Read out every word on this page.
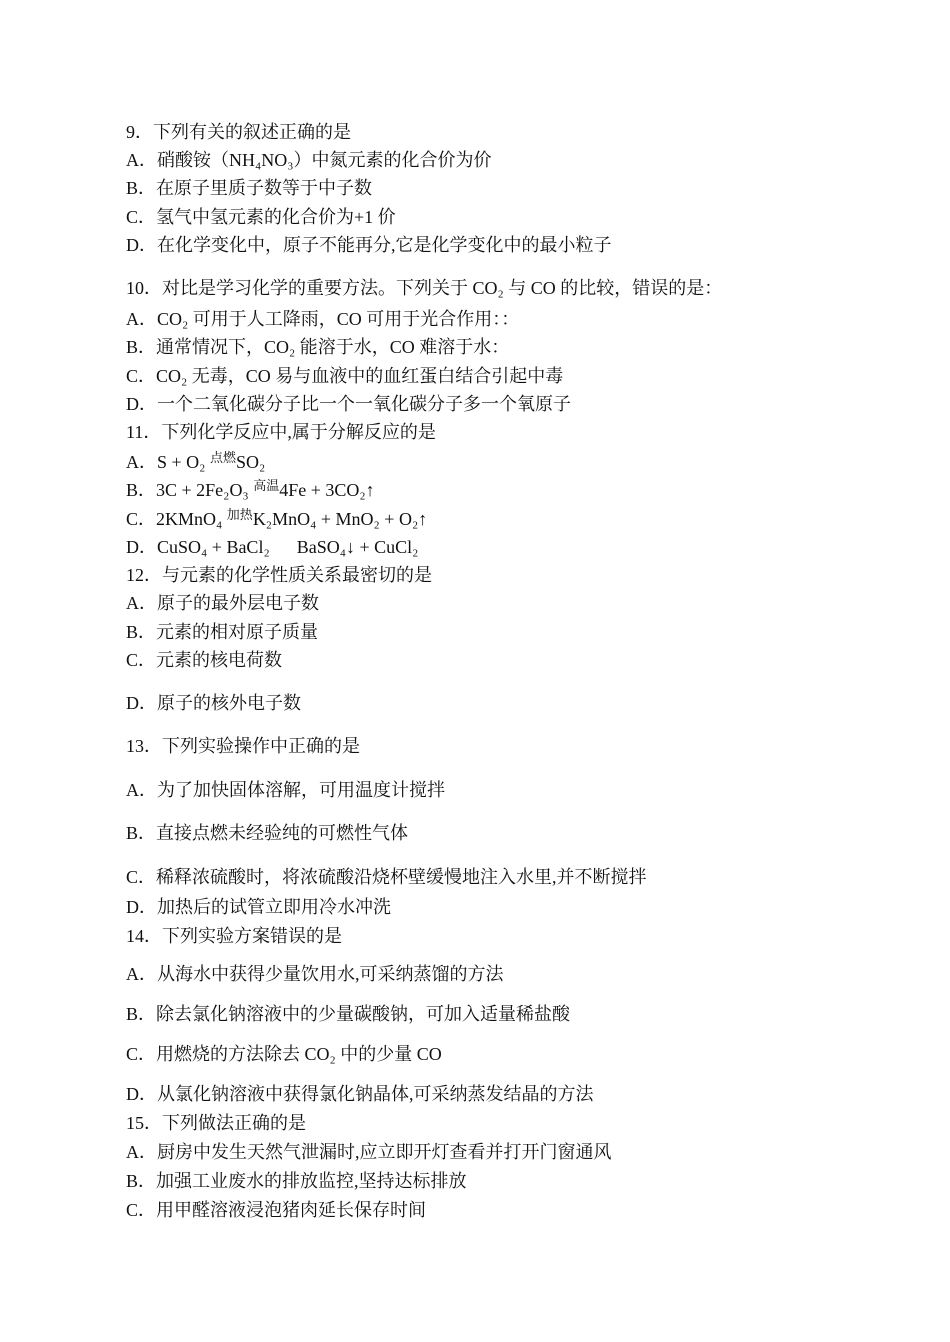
9．下列有关的叙述正确的是
A．硝酸铵（NH₄NO₃）中氮元素的化合价为价
B．在原子里质子数等于中子数
C．氢气中氢元素的化合价为+1 价
D．在化学变化中，原子不能再分,它是化学变化中的最小粒子
10．对比是学习化学的重要方法。下列关于 CO₂ 与 CO 的比较，错误的是：
A．CO₂ 可用于人工降雨，CO 可用于光合作用：：
B．通常情况下，CO₂ 能溶于水，CO 难溶于水：
C．CO₂ 无毒，CO 易与血液中的血红蛋白结合引起中毒
D．一个二氧化碳分子比一个一氧化碳分子多一个氧原子
11．下列化学反应中,属于分解反应的是
A．S + O₂ $^{点燃}$SO₂
B．3C + 2Fe₂O₃ $^{高温}$4Fe + 3CO₂↑
C．2KMnO₄ $^{加热}$K₂MnO₄ + MnO₂ + O₂↑
D．CuSO₄ + BaCl₂ 　 BaSO₄↓ + CuCl₂
12．与元素的化学性质关系最密切的是
A．原子的最外层电子数
B．元素的相对原子质量
C．元素的核电荷数
D．原子的核外电子数
13．下列实验操作中正确的是
A．为了加快固体溶解，可用温度计搅拌
B．直接点燃未经验纯的可燃性气体
C．稀释浓硫酸时，将浓硫酸沿烧杯壁缓慢地注入水里,并不断搅拌
D．加热后的试管立即用冷水冲洗
14．下列实验方案错误的是
A．从海水中获得少量饮用水,可采纳蒸馏的方法
B．除去氯化钠溶液中的少量碳酸钠，可加入适量稀盐酸
C．用燃烧的方法除去 CO₂ 中的少量 CO
D．从氯化钠溶液中获得氯化钠晶体,可采纳蒸发结晶的方法
15．下列做法正确的是
A．厨房中发生天然气泄漏时,应立即开灯查看并打开门窗通风
B．加强工业废水的排放监控,坚持达标排放
C．用甲醛溶液浸泡猪肉延长保存时间
